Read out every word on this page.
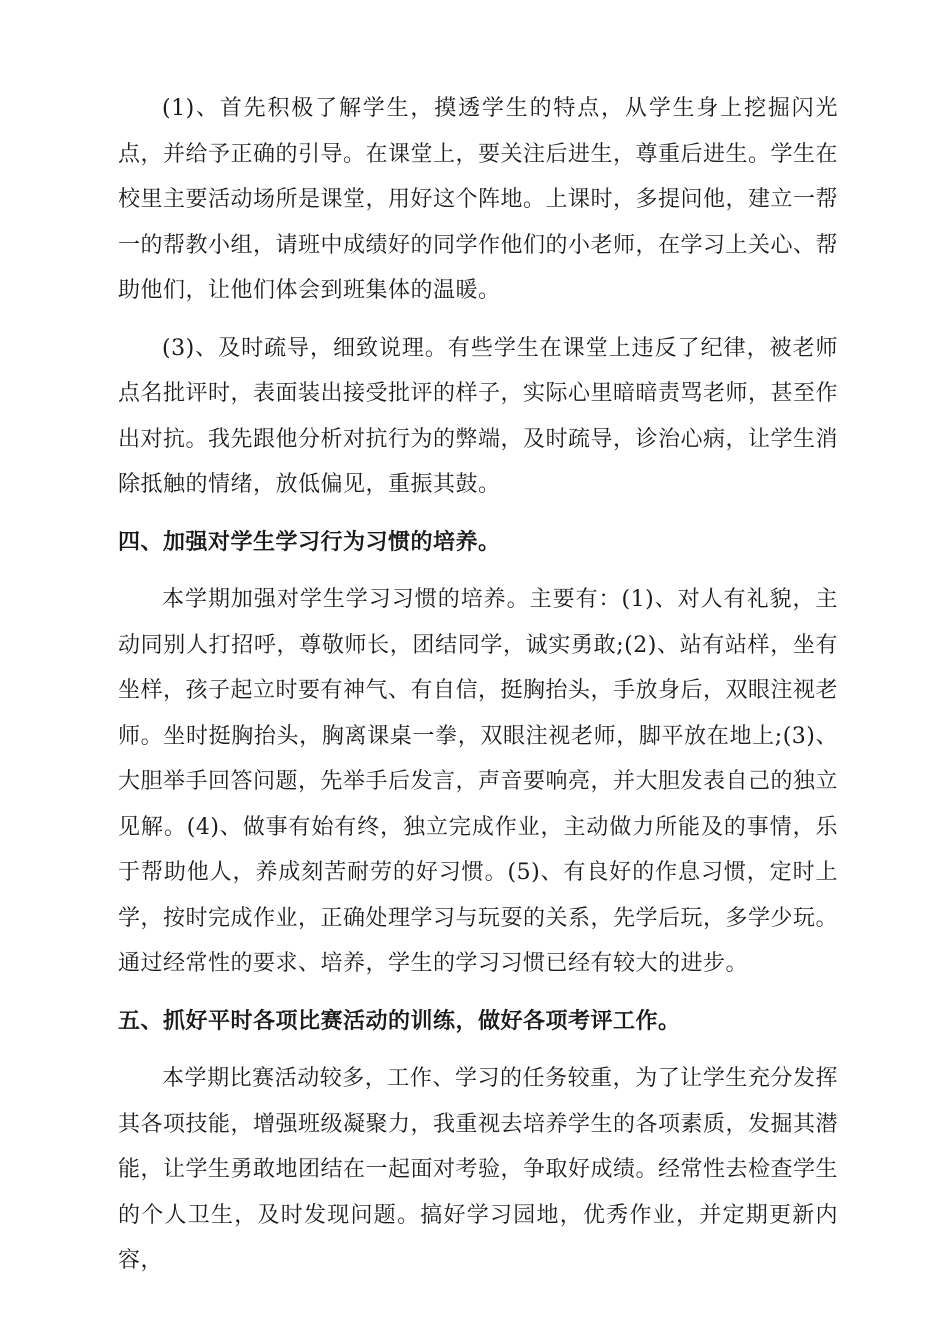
(1)、首先积极了解学生，摸透学生的特点，从学生身上挖掘闪光点，并给予正确的引导。在课堂上，要关注后进生，尊重后进生。学生在校里主要活动场所是课堂，用好这个阵地。上课时，多提问他，建立一帮一的帮教小组，请班中成绩好的同学作他们的小老师，在学习上关心、帮助他们，让他们体会到班集体的温暖。

(3)、及时疏导，细致说理。有些学生在课堂上违反了纪律，被老师点名批评时，表面装出接受批评的样子，实际心里暗暗责骂老师，甚至作出对抗。我先跟他分析对抗行为的弊端，及时疏导，诊治心病，让学生消除抵触的情绪，放低偏见，重振其鼓。

四、加强对学生学习行为习惯的培养。

本学期加强对学生学习习惯的培养。主要有：(1)、对人有礼貌，主动同别人打招呼，尊敬师长，团结同学，诚实勇敢;(2)、站有站样，坐有坐样，孩子起立时要有神气、有自信，挺胸抬头，手放身后，双眼注视老师。坐时挺胸抬头，胸离课桌一拳，双眼注视老师，脚平放在地上;(3)、大胆举手回答问题，先举手后发言，声音要响亮，并大胆发表自己的独立见解。(4)、做事有始有终，独立完成作业，主动做力所能及的事情，乐于帮助他人，养成刻苦耐劳的好习惯。(5)、有良好的作息习惯，定时上学，按时完成作业，正确处理学习与玩耍的关系，先学后玩，多学少玩。通过经常性的要求、培养，学生的学习习惯已经有较大的进步。

五、抓好平时各项比赛活动的训练，做好各项考评工作。

本学期比赛活动较多，工作、学习的任务较重，为了让学生充分发挥其各项技能，增强班级凝聚力，我重视去培养学生的各项素质，发掘其潜能，让学生勇敢地团结在一起面对考验，争取好成绩。经常性去检查学生的个人卫生，及时发现问题。搞好学习园地，优秀作业，并定期更新内容，
